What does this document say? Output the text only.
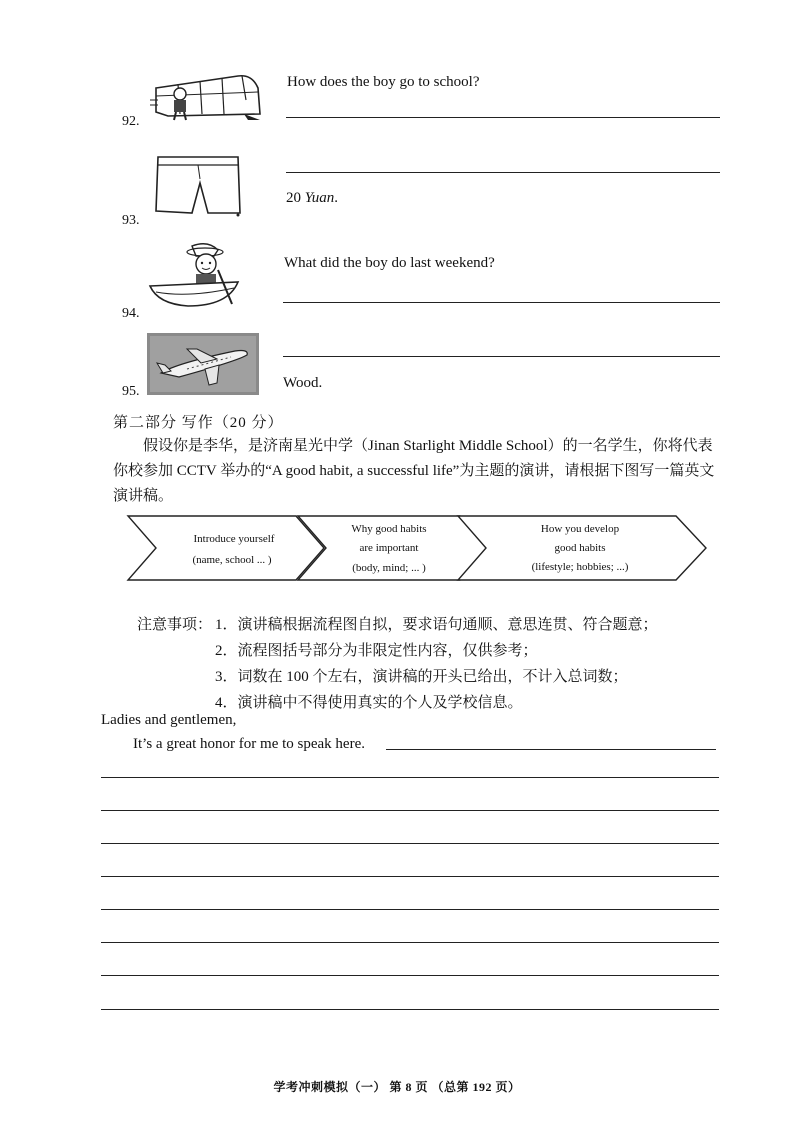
92.
How does the boy go to school?
93.
20 Yuan.
94.
What did the boy do last weekend?
95.
Wood.
第二部分 写作（20 分）
假设你是李华，是济南星光中学（Jinan Starlight Middle School）的一名学生，你将代表你校参加 CCTV 举办的“A good habit, a successful life”为主题的演讲，请根据下图写一篇英文演讲稿。
Introduce yourself
(name, school ... )
Why good habits
are important
(body, mind; ... )
How you develop
good habits
(lifestyle; hobbies; ...)
注意事项： 1．演讲稿根据流程图自拟，要求语句通顺、意思连贯、符合题意；
2．流程图括号部分为非限定性内容，仅供参考；
3．词数在 100 个左右，演讲稿的开头已给出，不计入总词数；
4．演讲稿中不得使用真实的个人及学校信息。
Ladies and gentlemen,
It’s a great honor for me to speak here.
学考冲刺模拟（一） 第 8 页 （总第 192 页）
